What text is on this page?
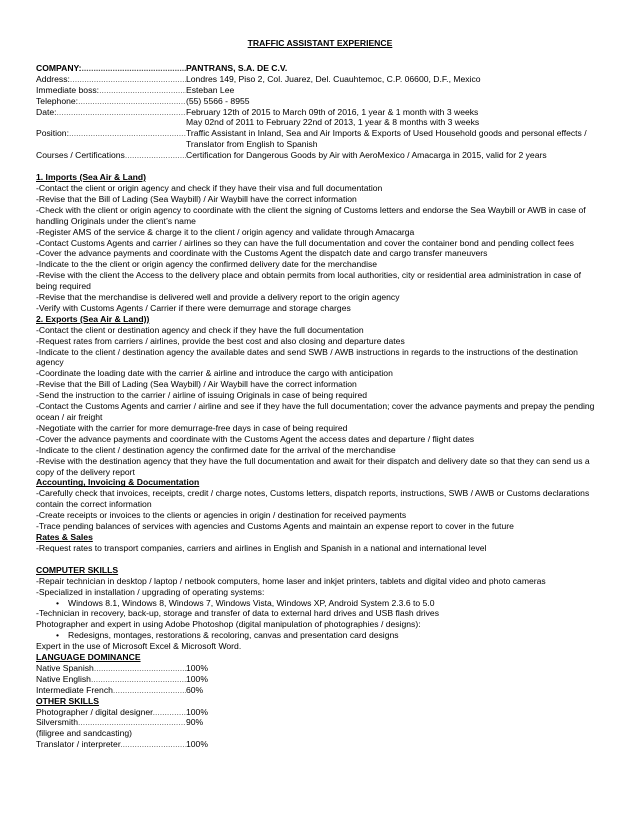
TRAFFIC ASSISTANT EXPERIENCE
COMPANY: .....	PANTRANS, S.A. DE C.V.
Address: .....	Londres 149, Piso 2, Col. Juarez, Del. Cuauhtemoc, C.P. 06600, D.F., Mexico
Immediate boss: .....	Esteban Lee
Telephone: .....	(55) 5566 - 8955
Date: .....	February 12th of 2015 to March 09th of 2016, 1 year & 1 month with 3 weeks
May 02nd of 2011 to February 22nd of 2013, 1 year & 8 months with 3 weeks
Position: .....	Traffic Assistant in Inland, Sea and Air Imports & Exports of Used Household goods and personal effects / Translator from English to Spanish
Courses / Certifications .....	Certification for Dangerous Goods by Air with AeroMexico / Amacarga in 2015, valid for 2 years
1. Imports (Sea Air & Land)
-Contact the client or origin agency and check if they have their visa and full documentation
-Revise that the Bill of Lading (Sea Waybill) / Air Waybill have the correct information
-Check with the client or origin agency to coordinate with the client the signing of Customs letters and endorse the Sea Waybill or AWB in case of handling Originals under the client’s name
-Register AMS of the service & charge it to the client / origin agency and validate through Amacarga
-Contact Customs Agents and carrier / airlines so they can have the full documentation and cover the container bond and pending collect fees
-Cover the advance payments and coordinate with the Customs Agent the dispatch date and cargo transfer maneuvers
-Indicate to the the client or origin agency the confirmed delivery date for the merchandise
-Revise with the client the Access to the delivery place and obtain permits from local authorities, city or residential area administration in case of being required
-Revise that the merchandise is delivered well and provide a delivery report to the origin agency
-Verify with Customs Agents / Carrier if there were demurrage and storage charges
2. Exports (Sea Air & Land))
-Contact the client or destination agency and check if they have the full documentation
-Request rates from carriers / airlines, provide the best cost and also closing and departure dates
-Indicate to the client / destination agency the available dates and send SWB / AWB instructions in regards to the instructions of the destination agency
-Coordinate the loading date with the carrier & airline and introduce the cargo with anticipation
-Revise that the Bill of Lading (Sea Waybill) / Air Waybill have the correct information
-Send the instruction to the carrier / airline of issuing Originals in case of being required
-Contact the Customs Agents and carrier / airline and see if they have the full documentation; cover the advance payments and prepay the pending ocean / air freight
-Negotiate with the carrier for more demurrage-free days in case of being required
-Cover the advance payments and coordinate with the Customs Agent the access dates and departure / flight dates
-Indicate to the client / destination agency the confirmed date for the arrival of the merchandise
-Revise with the destination agency that they have the full documentation and await for their dispatch and delivery date so that they can send us a copy of the delivery report
Accounting, Invoicing & Documentation
-Carefully check that invoices, receipts, credit / charge notes, Customs letters, dispatch reports, instructions, SWB / AWB or Customs declarations contain the correct information
-Create receipts or invoices to the clients or agencies in origin / destination for received payments
-Trace pending balances of services with agencies and Customs Agents and maintain an expense report to cover in the future
Rates & Sales
-Request rates to transport companies, carriers and airlines in English and Spanish in a national and international level
COMPUTER SKILLS
-Repair technician in desktop / laptop / netbook computers, home laser and inkjet printers, tablets and digital video and photo cameras
-Specialized in installation / upgrading of operating systems:
• Windows 8.1, Windows 8, Windows 7, Windows Vista, Windows XP, Android System 2.3.6 to 5.0
-Technician in recovery, back-up, storage and transfer of data to external hard drives and USB flash drives
Photographer and expert in using Adobe Photoshop (digital manipulation of photographies / designs):
• Redesigns, montages, restorations & recoloring, canvas and presentation card designs
Expert in the use of Microsoft Excel & Microsoft Word.
LANGUAGE DOMINANCE
Native Spanish .....	100%
Native English .....	100%
Intermediate French .....	60%
OTHER SKILLS
Photographer / digital designer .....	100%
Silversmith .....	90%
(filigree and sandcasting)
Translator / interpreter .....	100%
